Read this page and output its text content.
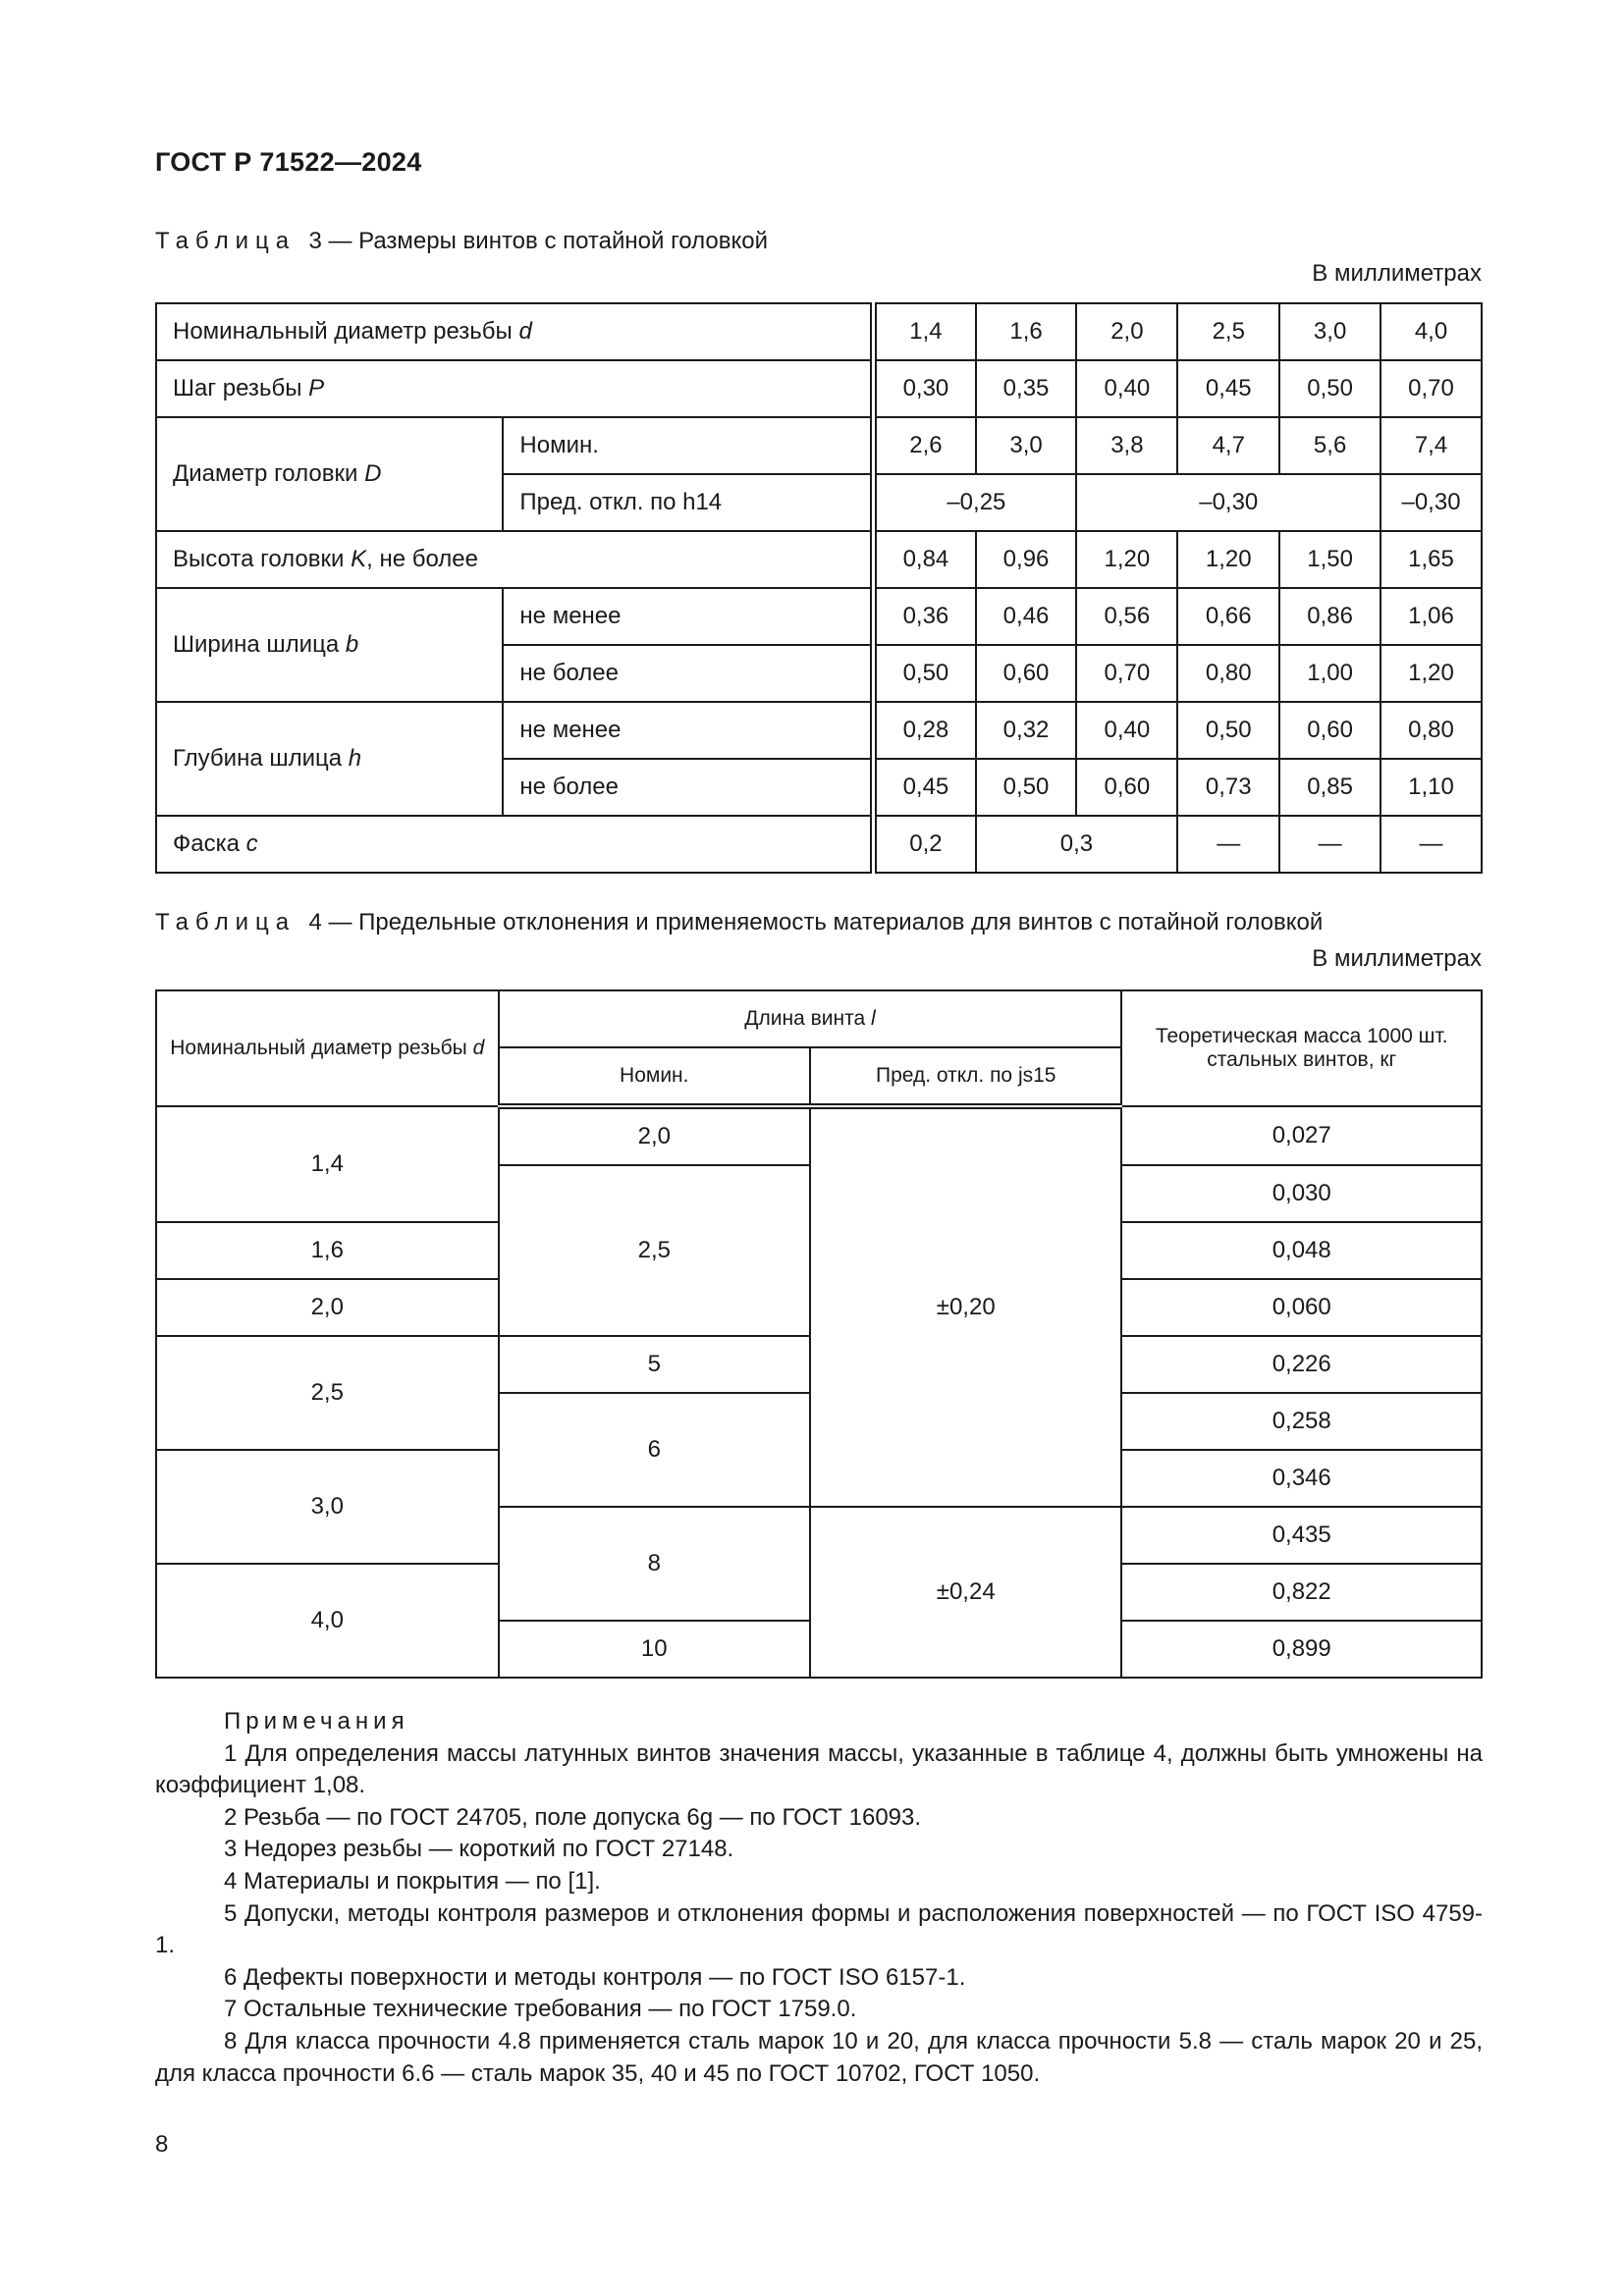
ГОСТ Р 71522—2024
Таблица 3 — Размеры винтов с потайной головкой
В миллиметрах
Номинальный диаметр резьбы d		1,4	1,6	2,0	2,5	3,0	4,0
Шаг резьбы P		0,30	0,35	0,40	0,45	0,50	0,70
Диаметр головки D	Номин.	2,6	3,0	3,8	4,7	5,6	7,4
	Пред. откл. по h14	–0,25		–0,30			–0,30
Высота головки K, не более		0,84	0,96	1,20	1,20	1,50	1,65
Ширина шлица b	не менее	0,36	0,46	0,56	0,66	0,86	1,06
	не более	0,50	0,60	0,70	0,80	1,00	1,20
Глубина шлица h	не менее	0,28	0,32	0,40	0,50	0,60	0,80
	не более	0,45	0,50	0,60	0,73	0,85	1,10
Фаска c		0,2	0,3		—	—	—
Таблица 4 — Предельные отклонения и применяемость материалов для винтов с потайной головкой
В миллиметрах
Номинальный диаметр резьбы d	Длина винта l		Теоретическая масса 1000 шт. стальных винтов, кг
	Номин.	Пред. откл. по js15	
1,4	2,0	±0,20	0,027
	2,5		0,030
1,6			0,048
2,0			0,060
2,5	5		0,226
	6		0,258
3,0			0,346
	8	±0,24	0,435
4,0			0,822
	10		0,899

Примечания

1 Для определения массы латунных винтов значения массы, указанные в таблице 4, должны быть умножены на коэффициент 1,08.

2 Резьба — по ГОСТ 24705, поле допуска 6g — по ГОСТ 16093.

3 Недорез резьбы — короткий по ГОСТ 27148.

4 Материалы и покрытия — по [1].

5 Допуски, методы контроля размеров и отклонения формы и расположения поверхностей — по ГОСТ ISO 4759-1.

6 Дефекты поверхности и методы контроля — по ГОСТ ISO 6157-1.

7 Остальные технические требования — по ГОСТ 1759.0.

8 Для класса прочности 4.8 применяется сталь марок 10 и 20, для класса прочности 5.8 — сталь марок 20 и 25, для класса прочности 6.6 — сталь марок 35, 40 и 45 по ГОСТ 10702, ГОСТ 1050.

8
